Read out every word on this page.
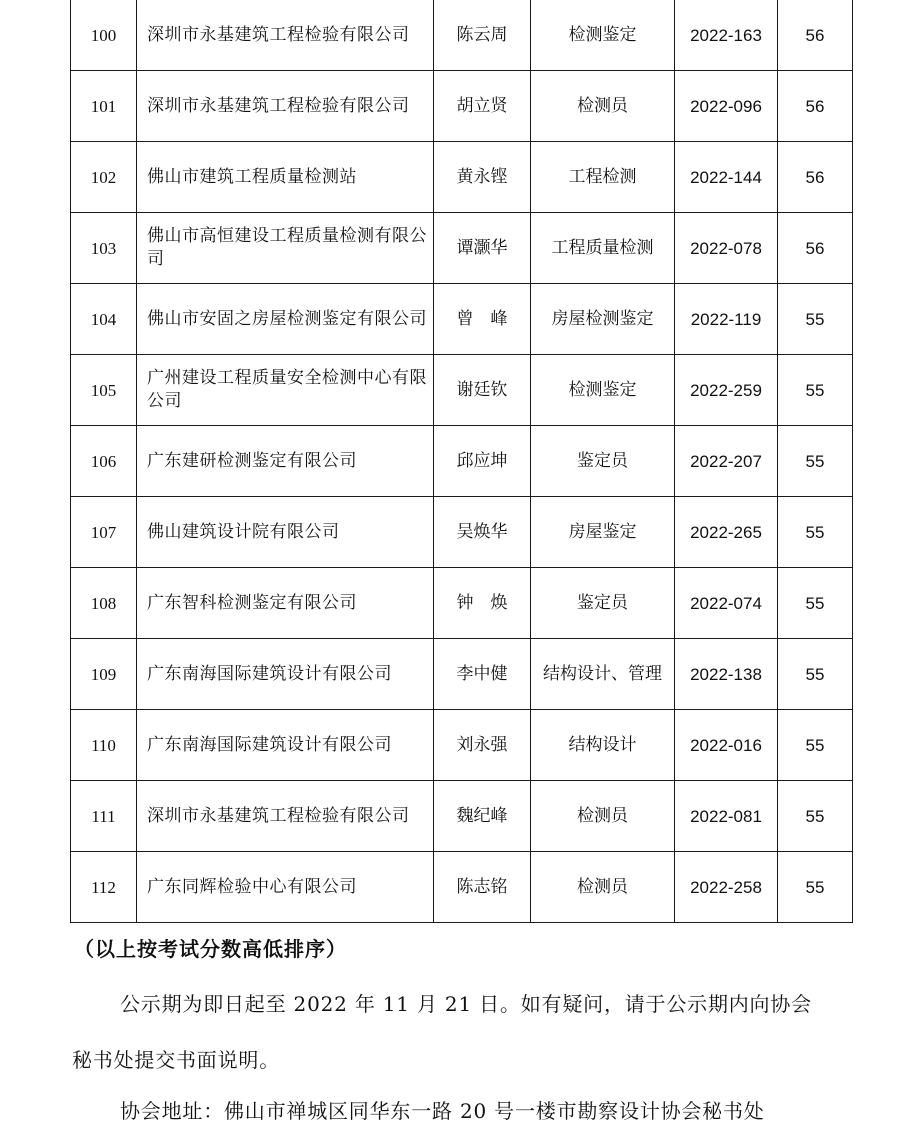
100	深圳市永基建筑工程检验有限公司	陈云周	检测鉴定	2022-163	56
101	深圳市永基建筑工程检验有限公司	胡立贤	检测员	2022-096	56
102	佛山市建筑工程质量检测站	黄永铿	工程检测	2022-144	56
103	佛山市高恒建设工程质量检测有限公司	谭灏华	工程质量检测	2022-078	56
104	佛山市安固之房屋检测鉴定有限公司	曾　峰	房屋检测鉴定	2022-119	55
105	广州建设工程质量安全检测中心有限公司	谢廷钦	检测鉴定	2022-259	55
106	广东建研检测鉴定有限公司	邱应坤	鉴定员	2022-207	55
107	佛山建筑设计院有限公司	吴焕华	房屋鉴定	2022-265	55
108	广东智科检测鉴定有限公司	钟　焕	鉴定员	2022-074	55
109	广东南海国际建筑设计有限公司	李中健	结构设计、管理	2022-138	55
110	广东南海国际建筑设计有限公司	刘永强	结构设计	2022-016	55
111	深圳市永基建筑工程检验有限公司	魏纪峰	检测员	2022-081	55
112	广东同辉检验中心有限公司	陈志铭	检测员	2022-258	55
（以上按考试分数高低排序）
公示期为即日起至 2022 年 11 月 21 日。如有疑问，请于公示期内向协会秘书处提交书面说明。
协会地址：佛山市禅城区同华东一路 20 号一楼市勘察设计协会秘书处
